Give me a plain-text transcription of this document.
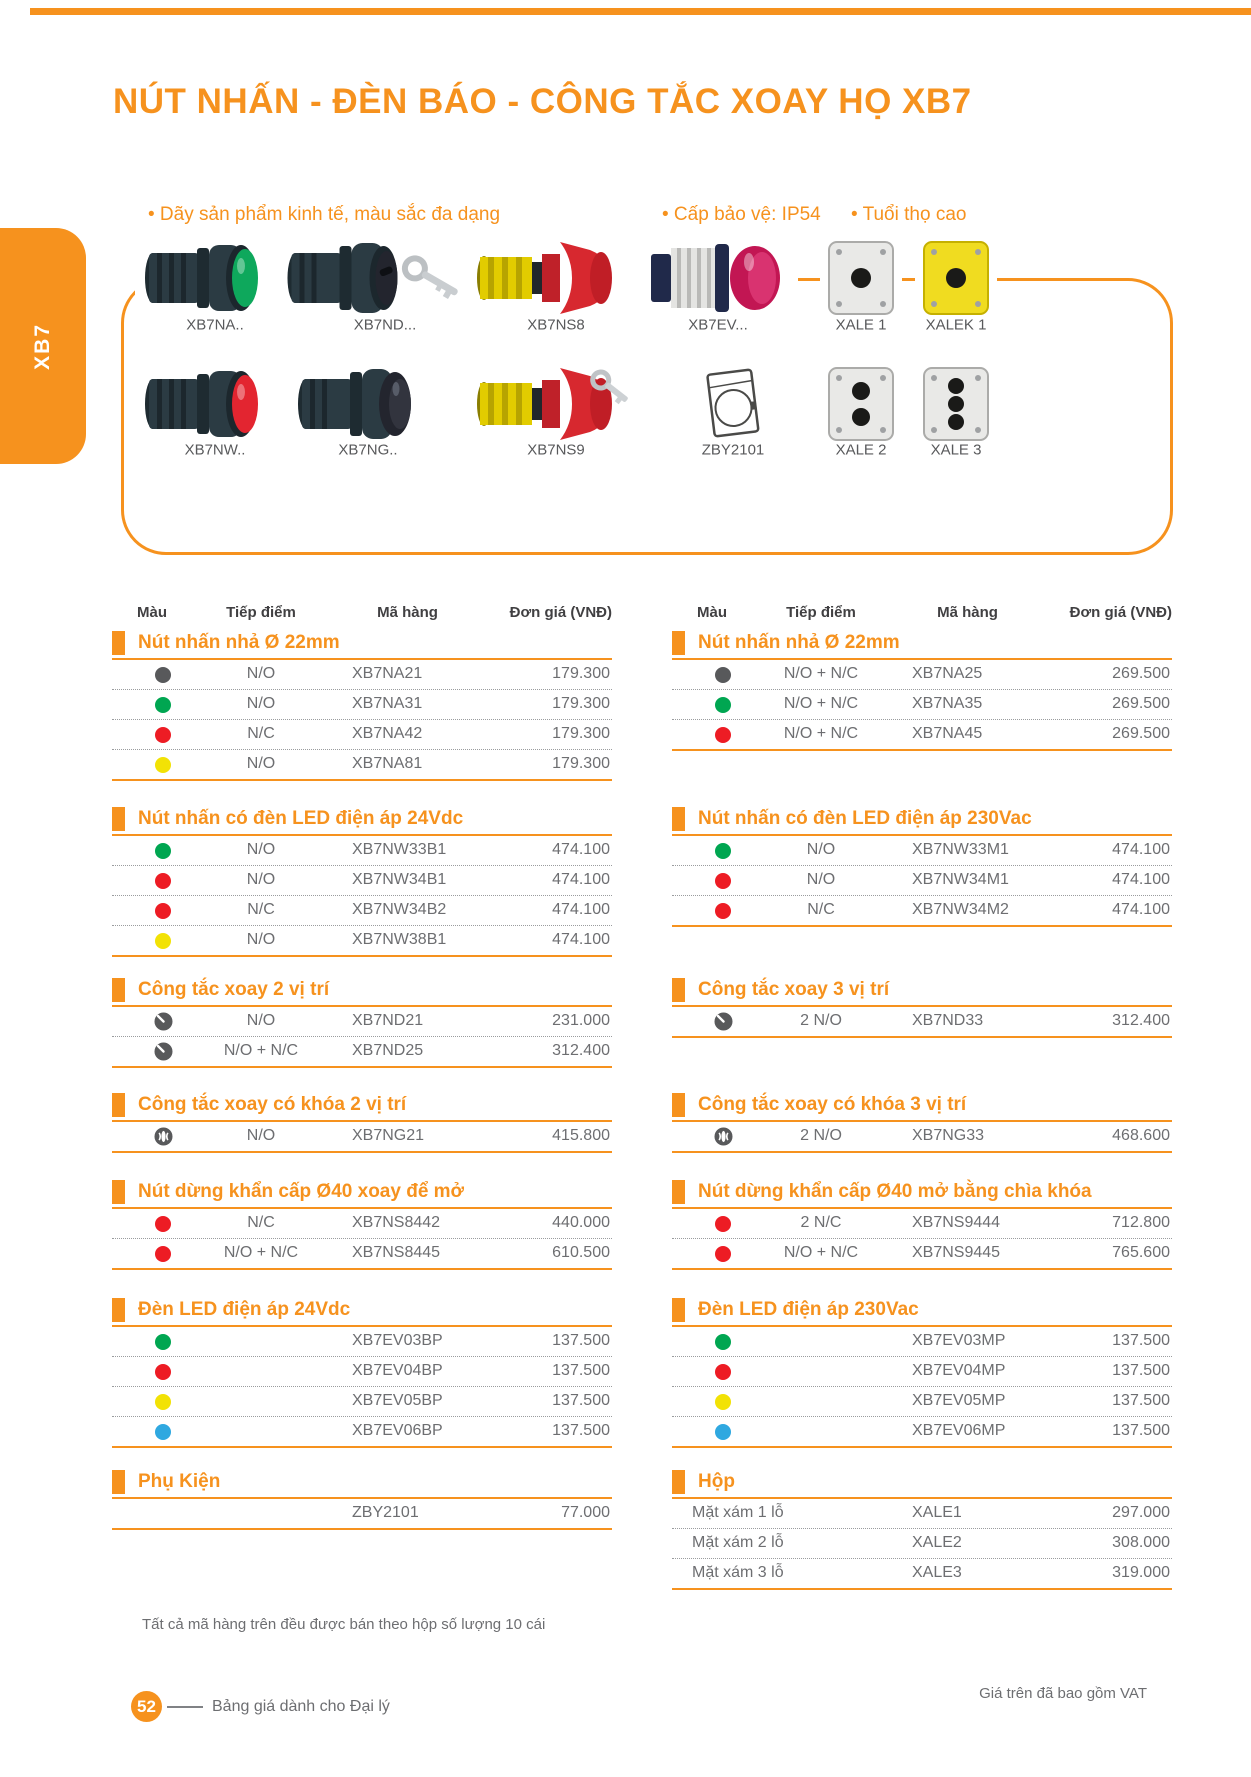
NÚT NHẤN - ĐÈN BÁO - CÔNG TẮC XOAY HỌ XB7
XB7
• Dãy sản phẩm kinh tế, màu sắc đa dạng	• Cấp bảo vệ: IP54 • Tuổi thọ cao
XB7NA..	XB7ND...	XB7NS8	XB7EV...	XALE 1	XALEK 1
XB7NW..	XB7NG..	XB7NS9	ZBY2101	XALE 2	XALE 3
Màu	Tiếp điểm	Mã hàng	Đơn giá (VNĐ)
Nút nhấn nhả Ø 22mm
N/O	XB7NA21	179.300
N/O	XB7NA31	179.300
N/C	XB7NA42	179.300
N/O	XB7NA81	179.300
Nút nhấn có đèn LED điện áp 24Vdc
N/O	XB7NW33B1	474.100
N/O	XB7NW34B1	474.100
N/C	XB7NW34B2	474.100
N/O	XB7NW38B1	474.100
Công tắc xoay 2 vị trí
N/O	XB7ND21	231.000
N/O + N/C	XB7ND25	312.400
Công tắc xoay có khóa 2 vị trí
N/O	XB7NG21	415.800
Nút dừng khẩn cấp Ø40 xoay để mở
N/C	XB7NS8442	440.000
N/O + N/C	XB7NS8445	610.500
Đèn LED điện áp 24Vdc
XB7EV03BP	137.500
XB7EV04BP	137.500
XB7EV05BP	137.500
XB7EV06BP	137.500
Phụ Kiện
ZBY2101	77.000
Màu	Tiếp điểm	Mã hàng	Đơn giá (VNĐ)
Nút nhấn nhả Ø 22mm
N/O + N/C	XB7NA25	269.500
N/O + N/C	XB7NA35	269.500
N/O + N/C	XB7NA45	269.500
Nút nhấn có đèn LED điện áp 230Vac
N/O	XB7NW33M1	474.100
N/O	XB7NW34M1	474.100
N/C	XB7NW34M2	474.100
Công tắc xoay 3 vị trí
2 N/O	XB7ND33	312.400
Công tắc xoay có khóa 3 vị trí
2 N/O	XB7NG33	468.600
Nút dừng khẩn cấp Ø40 mở bằng chìa khóa
2 N/C	XB7NS9444	712.800
N/O + N/C	XB7NS9445	765.600
Đèn LED điện áp 230Vac
XB7EV03MP	137.500
XB7EV04MP	137.500
XB7EV05MP	137.500
XB7EV06MP	137.500
Hộp
Mặt xám 1 lỗ	XALE1	297.000
Mặt xám 2 lỗ	XALE2	308.000
Mặt xám 3 lỗ	XALE3	319.000
Tất cả mã hàng trên đều được bán theo hộp số lượng 10 cái
52	Bảng giá dành cho Đại lý
Giá trên đã bao gồm VAT
